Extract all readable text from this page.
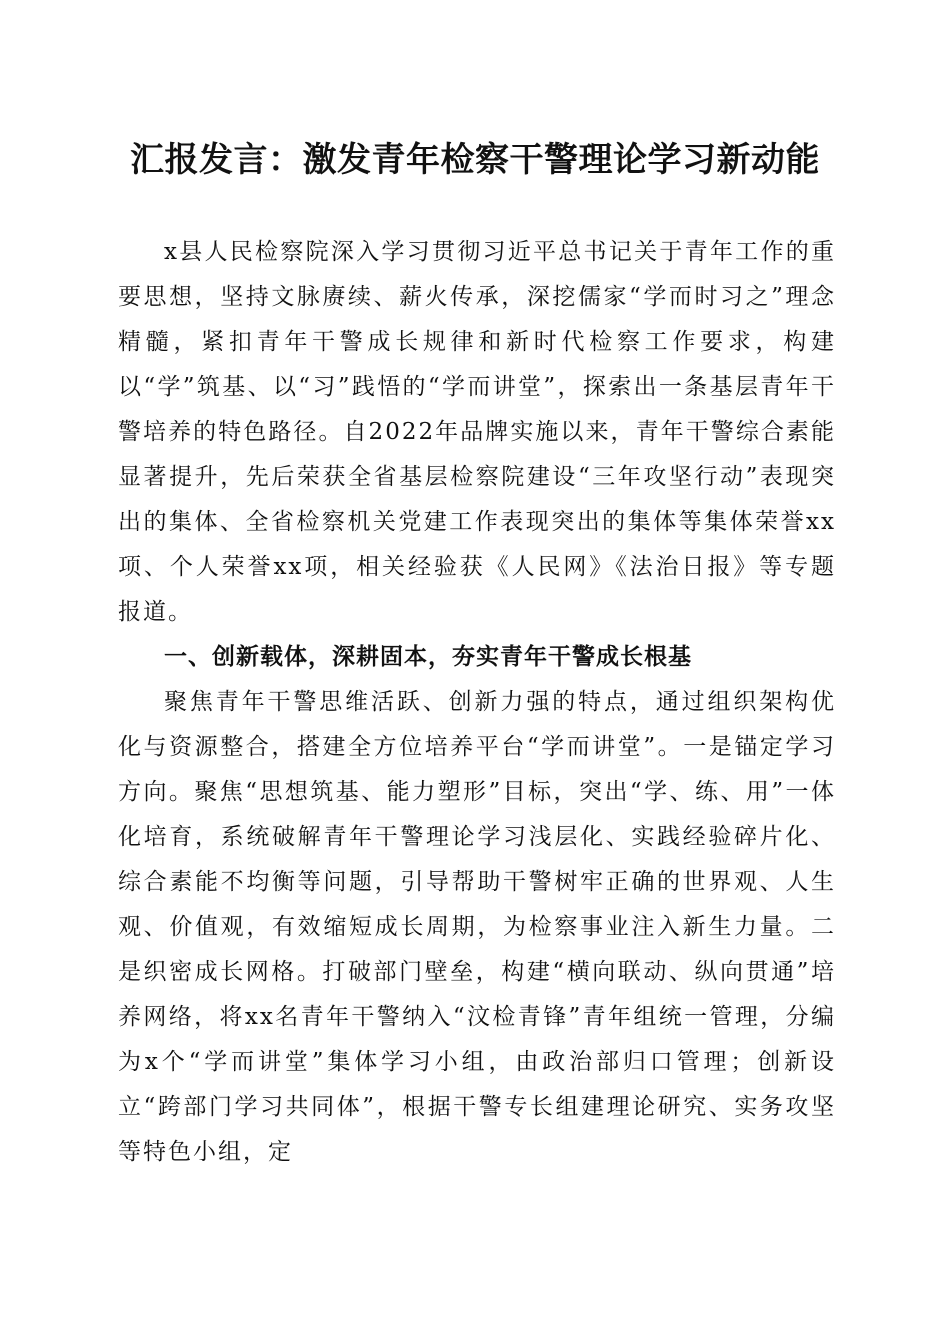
汇报发言：激发青年检察干警理论学习新动能

x县人民检察院深入学习贯彻习近平总书记关于青年工作的重要思想，坚持文脉赓续、薪火传承，深挖儒家“学而时习之”理念精髓，紧扣青年干警成长规律和新时代检察工作要求，构建以“学”筑基、以“习”践悟的“学而讲堂”，探索出一条基层青年干警培养的特色路径。自2022年品牌实施以来，青年干警综合素能显著提升，先后荣获全省基层检察院建设“三年攻坚行动”表现突出的集体、全省检察机关党建工作表现突出的集体等集体荣誉xx项、个人荣誉xx项，相关经验获《人民网》《法治日报》等专题报道。

一、创新载体，深耕固本，夯实青年干警成长根基

聚焦青年干警思维活跃、创新力强的特点，通过组织架构优化与资源整合，搭建全方位培养平台“学而讲堂”。一是锚定学习方向。聚焦“思想筑基、能力塑形”目标，突出“学、练、用”一体化培育，系统破解青年干警理论学习浅层化、实践经验碎片化、综合素能不均衡等问题，引导帮助干警树牢正确的世界观、人生观、价值观，有效缩短成长周期，为检察事业注入新生力量。二是织密成长网格。打破部门壁垒，构建“横向联动、纵向贯通”培养网络，将xx名青年干警纳入“汶检青锋”青年组统一管理，分编为x个“学而讲堂”集体学习小组，由政治部归口管理；创新设立“跨部门学习共同体”，根据干警专长组建理论研究、实务攻坚等特色小组，定
